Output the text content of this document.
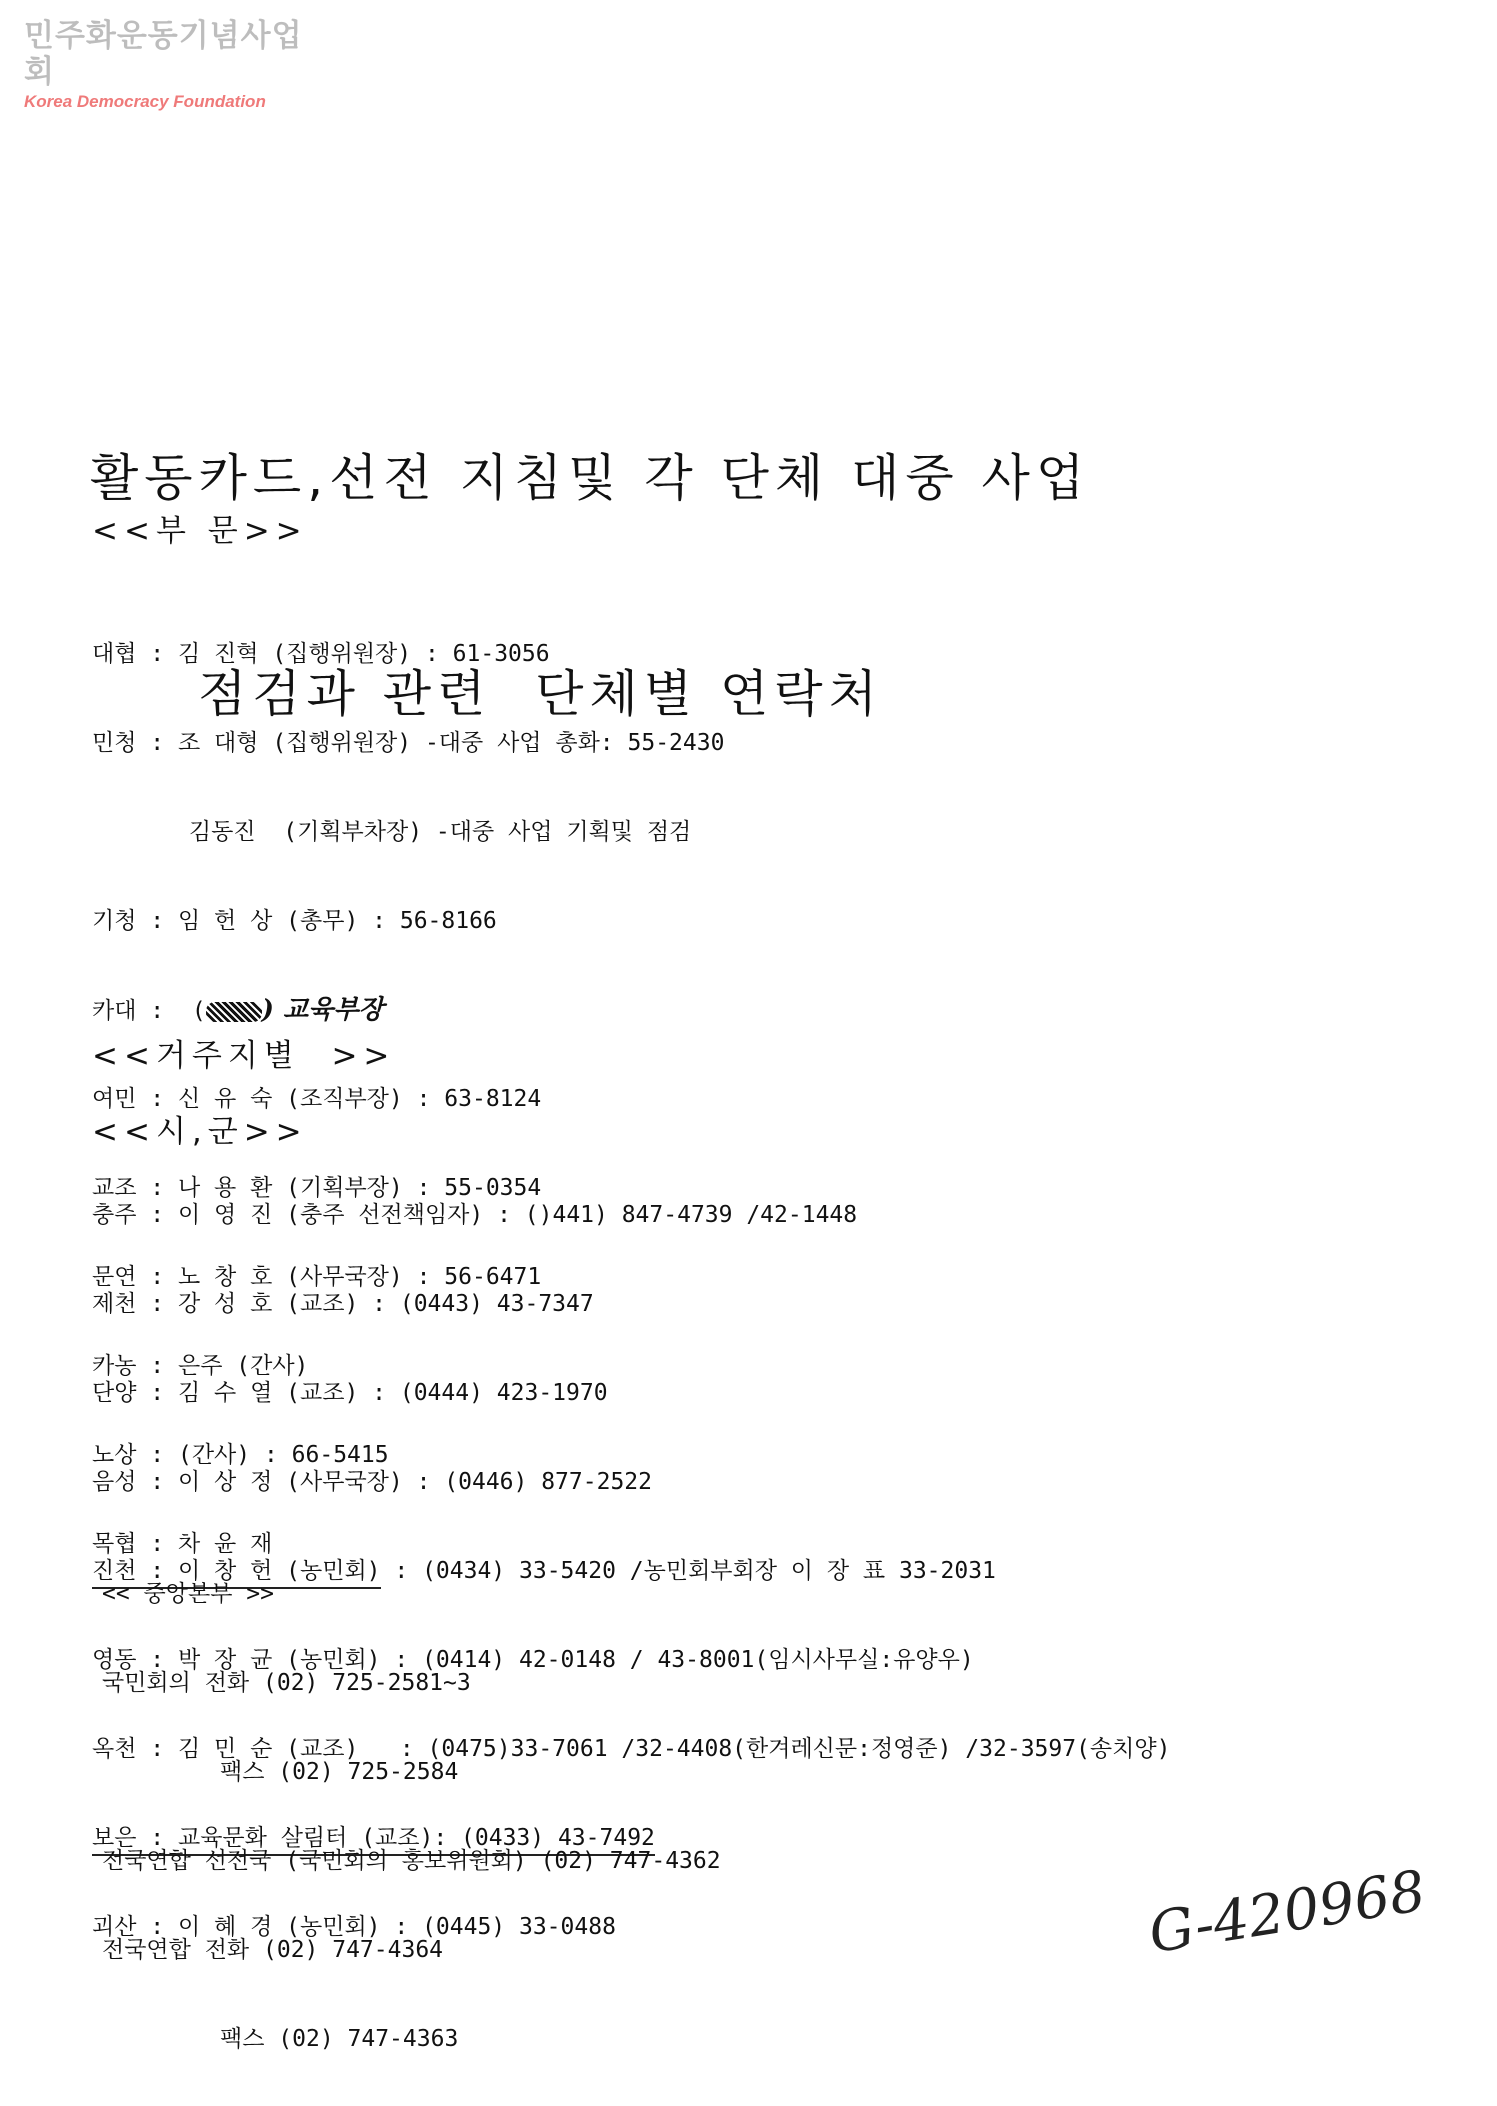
민주화운동기념사업회
Korea Democracy Foundation

활동카드,선전 지침및 각 단체 대중 사업

점검과 관련  단체별 연락처

<<부 문>>

대협 : 김 진혁 (집행위원장) : 61-3056

민청 : 조 대형 (집행위원장) -대중 사업 총화: 55-2430

김동진  (기획부차장) -대중 사업 기획및 점검

기청 : 임 헌 상 (총무) : 56-8166

카대 :  ( ) 교육부장

여민 : 신 유 숙 (조직부장) : 63-8124

교조 : 나 용 환 (기획부장) : 55-0354

문연 : 노 창 호 (사무국장) : 56-6471

카농 : 은주 (간사)

노상 : (간사) : 66-5415

목협 : 차 윤 재

<<거주지별  >>
<<시,군>>

충주 : 이 영 진 (충주 선전책임자) : ()441) 847-4739 /42-1448

제천 : 강 성 호 (교조) : (0443) 43-7347

단양 : 김 수 열 (교조) : (0444) 423-1970

음성 : 이 상 정 (사무국장) : (0446) 877-2522

진천 : 이 창 헌 (농민회) : (0434) 33-5420 /농민회부회장 이 장 표 33-2031

영동 : 박 장 균 (농민회) : (0414) 42-0148 / 43-8001(임시사무실:유양우)

옥천 : 김 민 순 (교조)   : (0475)33-7061 /32-4408(한겨레신문:정영준) /32-3597(송치양)

보은 : 교육문화 살림터 (교조): (0433) 43-7492

괴산 : 이 혜 경 (농민회) : (0445) 33-0488

<< 중앙본부 >>

국민회의 전화 (02) 725-2581~3

팩스 (02) 725-2584

전국연합 선전국 (국민회의 홍보위원회) (02) 747-4362

전국연합 전화 (02) 747-4364

팩스 (02) 747-4363

G-420968
